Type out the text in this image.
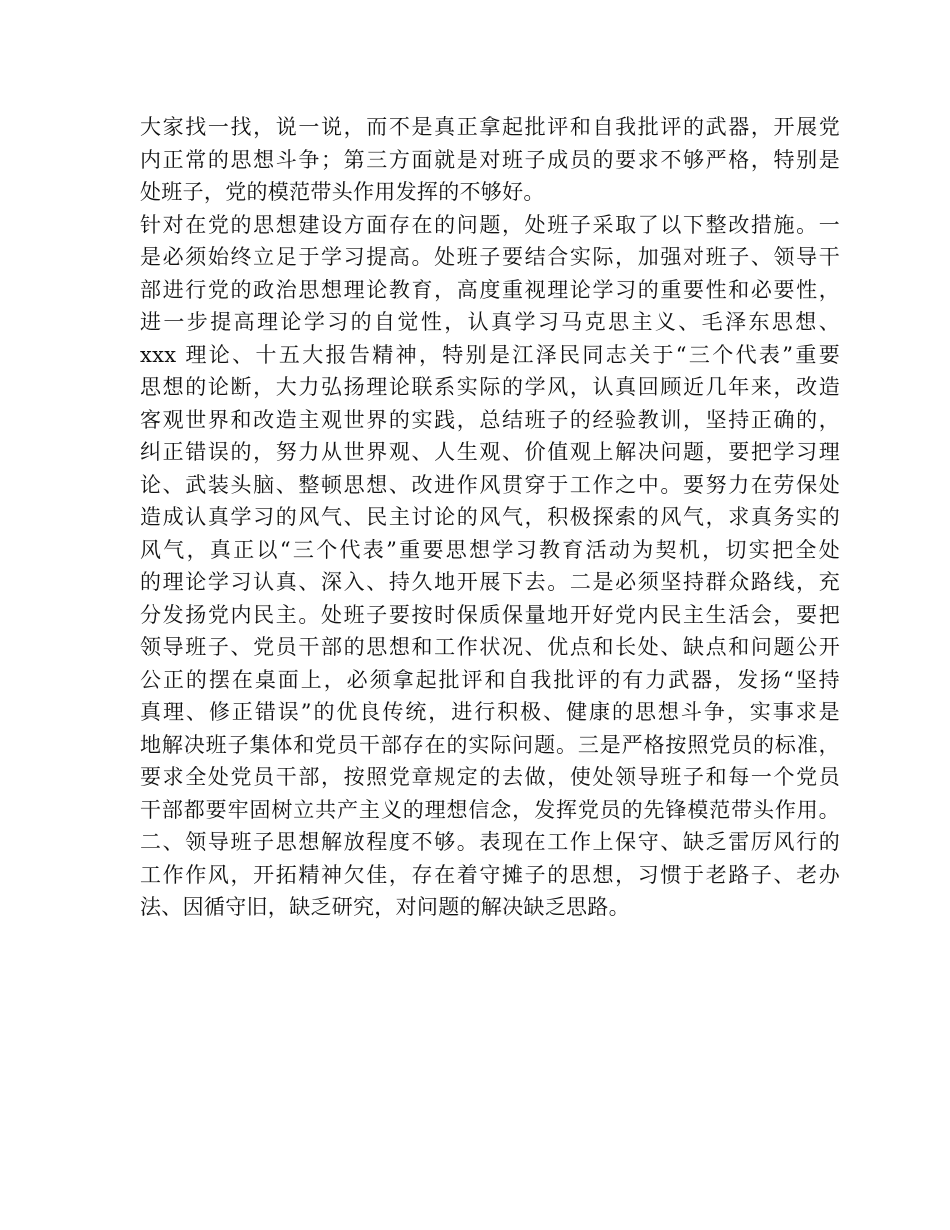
大家找一找，说一说，而不是真正拿起批评和自我批评的武器，开展党
内正常的思想斗争；第三方面就是对班子成员的要求不够严格，特别是
处班子，党的模范带头作用发挥的不够好。
针对在党的思想建设方面存在的问题，处班子采取了以下整改措施。一
是必须始终立足于学习提高。处班子要结合实际，加强对班子、领导干
部进行党的政治思想理论教育，高度重视理论学习的重要性和必要性，
进一步提高理论学习的自觉性，认真学习马克思主义、毛泽东思想、
xxx 理论、十五大报告精神，特别是江泽民同志关于“三个代表”重要
思想的论断，大力弘扬理论联系实际的学风，认真回顾近几年来，改造
客观世界和改造主观世界的实践，总结班子的经验教训，坚持正确的，
纠正错误的，努力从世界观、人生观、价值观上解决问题，要把学习理
论、武装头脑、整顿思想、改进作风贯穿于工作之中。要努力在劳保处
造成认真学习的风气、民主讨论的风气，积极探索的风气，求真务实的
风气，真正以“三个代表”重要思想学习教育活动为契机，切实把全处
的理论学习认真、深入、持久地开展下去。二是必须坚持群众路线，充
分发扬党内民主。处班子要按时保质保量地开好党内民主生活会，要把
领导班子、党员干部的思想和工作状况、优点和长处、缺点和问题公开
公正的摆在桌面上，必须拿起批评和自我批评的有力武器，发扬“坚持
真理、修正错误”的优良传统，进行积极、健康的思想斗争，实事求是
地解决班子集体和党员干部存在的实际问题。三是严格按照党员的标准，
要求全处党员干部，按照党章规定的去做，使处领导班子和每一个党员
干部都要牢固树立共产主义的理想信念，发挥党员的先锋模范带头作用。
二、领导班子思想解放程度不够。表现在工作上保守、缺乏雷厉风行的
工作作风，开拓精神欠佳，存在着守摊子的思想，习惯于老路子、老办
法、因循守旧，缺乏研究，对问题的解决缺乏思路。
